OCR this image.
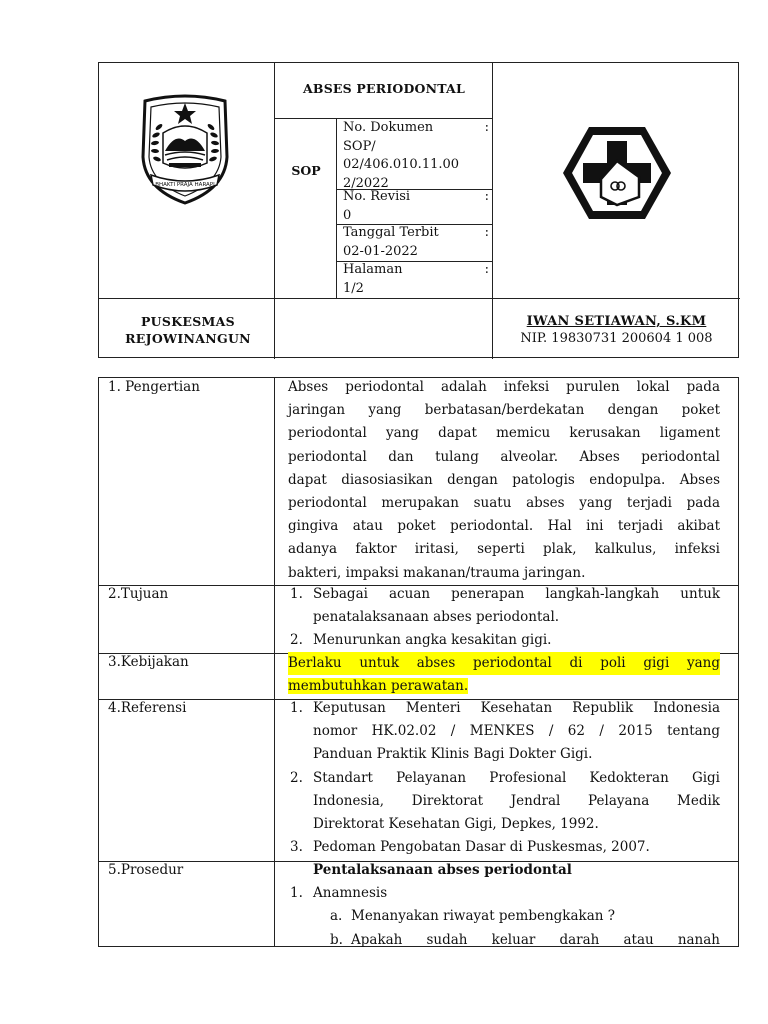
BHAKTI PRAJA HARAPI
ABSES PERIODONTAL
SOP
No. Dokumen	:
SOP/
02/406.010.11.00
2/2022
No. Revisi	:
0
Tanggal Terbit	:
02-01-2022
Halaman	:
1/2
PUSKESMAS
REJOWINANGUN
IWAN SETIAWAN, S.KM
NIP. 19830731 200604 1 008
1. Pengertian	Abses periodontal adalah infeksi purulen lokal pada
jaringan yang berbatasan/berdekatan dengan poket
periodontal yang dapat memicu kerusakan ligament
periodontal dan tulang alveolar. Abses periodontal
dapat diasosiasikan dengan patologis endopulpa. Abses
periodontal merupakan suatu abses yang terjadi pada
gingiva atau poket periodontal. Hal ini terjadi akibat
adanya faktor iritasi, seperti plak, kalkulus, infeksi
bakteri, impaksi makanan/trauma jaringan.
2.Tujuan	1. Sebagai acuan penerapan langkah-langkah untuk
penatalaksanaan abses periodontal.
2. Menurunkan angka kesakitan gigi.
3.Kebijakan	Berlaku untuk abses periodontal di poli gigi yang
membutuhkan perawatan.
4.Referensi	1. Keputusan Menteri Kesehatan Republik Indonesia
nomor HK.02.02 / MENKES / 62 / 2015 tentang
Panduan Praktik Klinis Bagi Dokter Gigi.
2. Standart Pelayanan Profesional Kedokteran Gigi
Indonesia, Direktorat Jendral Pelayana Medik
Direktorat Kesehatan Gigi, Depkes, 1992.
3. Pedoman Pengobatan Dasar di Puskesmas, 2007.
5.Prosedur	Pentalaksanaan abses periodontal
1. Anamnesis
a. Menanyakan riwayat pembengkakan ?
b. Apakah sudah keluar darah atau nanah
